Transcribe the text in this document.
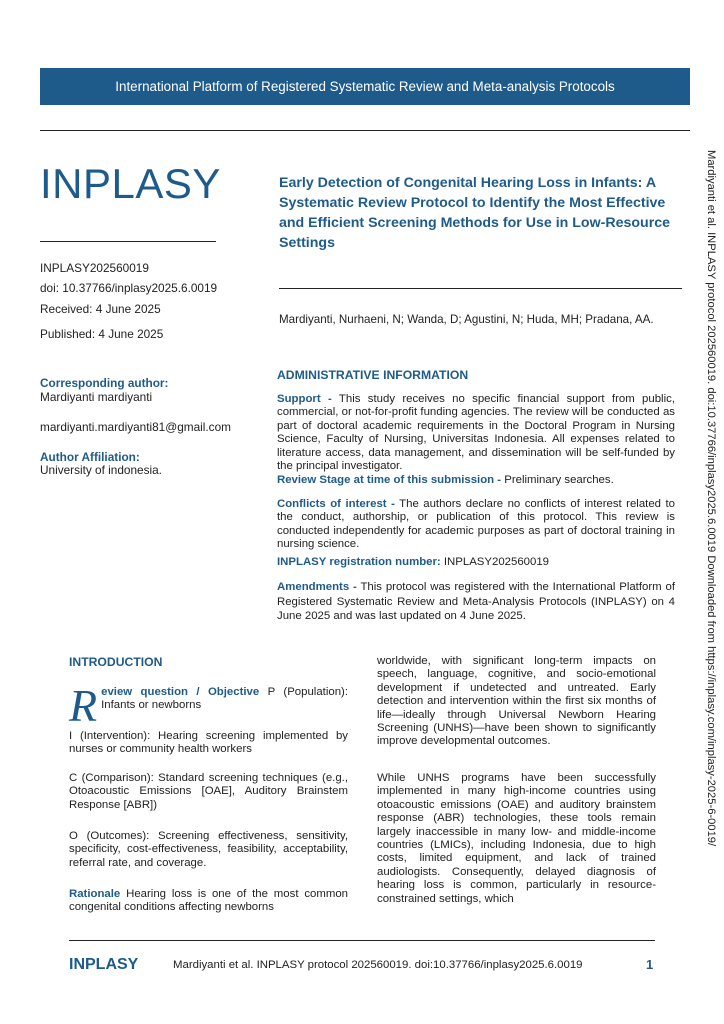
International Platform of Registered Systematic Review and Meta-analysis Protocols
INPLASY
INPLASY202560019
doi: 10.37766/inplasy2025.6.0019
Received: 4 June 2025
Published: 4 June 2025
Corresponding author:
Mardiyanti mardiyanti
mardiyanti.mardiyanti81@gmail.com
Author Affiliation:
University of indonesia.
Early Detection of Congenital Hearing Loss in Infants: A Systematic Review Protocol to Identify the Most Effective and Efficient Screening Methods for Use in Low-Resource Settings
Mardiyanti, Nurhaeni, N; Wanda, D; Agustini, N; Huda, MH; Pradana, AA.
ADMINISTRATIVE INFORMATION
Support - This study receives no specific financial support from public, commercial, or not-for-profit funding agencies. The review will be conducted as part of doctoral academic requirements in the Doctoral Program in Nursing Science, Faculty of Nursing, Universitas Indonesia. All expenses related to literature access, data management, and dissemination will be self-funded by the principal investigator.
Review Stage at time of this submission - Preliminary searches.
Conflicts of interest - The authors declare no conflicts of interest related to the conduct, authorship, or publication of this protocol. This review is conducted independently for academic purposes as part of doctoral training in nursing science.
INPLASY registration number: INPLASY202560019
Amendments - This protocol was registered with the International Platform of Registered Systematic Review and Meta-Analysis Protocols (INPLASY) on 4 June 2025 and was last updated on 4 June 2025.
INTRODUCTION
Review question / Objective P (Population): Infants or newborns
I (Intervention): Hearing screening implemented by nurses or community health workers
C (Comparison): Standard screening techniques (e.g., Otoacoustic Emissions [OAE], Auditory Brainstem Response [ABR])
O (Outcomes): Screening effectiveness, sensitivity, specificity, cost-effectiveness, feasibility, acceptability, referral rate, and coverage.
Rationale Hearing loss is one of the most common congenital conditions affecting newborns
worldwide, with significant long-term impacts on speech, language, cognitive, and socio-emotional development if undetected and untreated. Early detection and intervention within the first six months of life—ideally through Universal Newborn Hearing Screening (UNHS)—have been shown to significantly improve developmental outcomes.
While UNHS programs have been successfully implemented in many high-income countries using otoacoustic emissions (OAE) and auditory brainstem response (ABR) technologies, these tools remain largely inaccessible in many low- and middle-income countries (LMICs), including Indonesia, due to high costs, limited equipment, and lack of trained audiologists. Consequently, delayed diagnosis of hearing loss is common, particularly in resource-constrained settings, which
Mardiyanti et al. INPLASY protocol 202560019. doi:10.37766/inplasy2025.6.0019 Downloaded from https://inplasy.com/inplasy-2025-6-0019/
INPLASY	Mardiyanti et al. INPLASY protocol 202560019. doi:10.37766/inplasy2025.6.0019	1
